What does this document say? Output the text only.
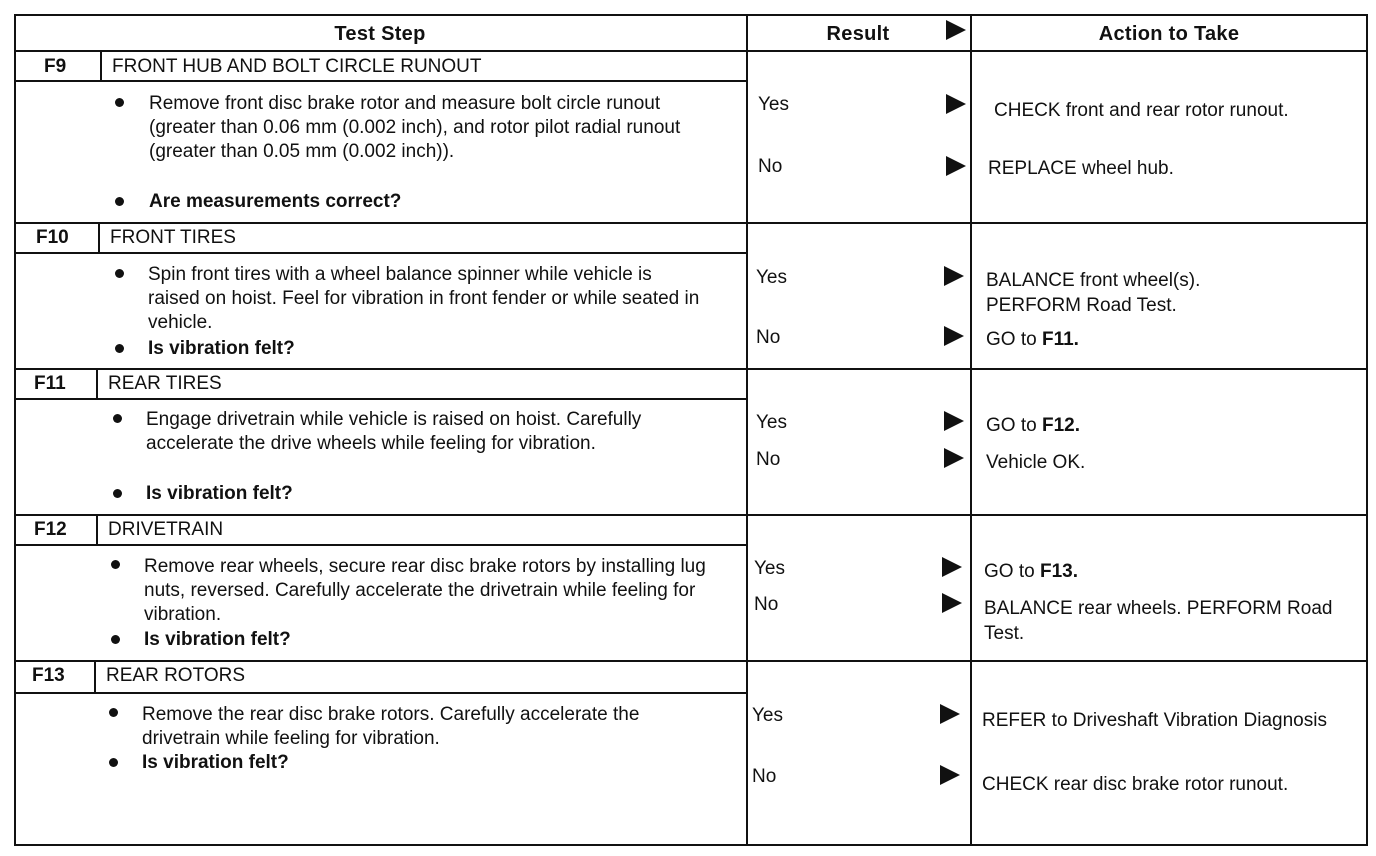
Test Step	Result	Action to Take
F9 FRONT HUB AND BOLT CIRCLE RUNOUT
Remove front disc brake rotor and measure bolt circle runout (greater than 0.06 mm (0.002 inch), and rotor pilot radial runout (greater than 0.05 mm (0.002 inch)).
Are measurements correct?
Yes	CHECK front and rear rotor runout.
No	REPLACE wheel hub.
F10 FRONT TIRES
Spin front tires with a wheel balance spinner while vehicle is raised on hoist. Feel for vibration in front fender or while seated in vehicle.
Is vibration felt?
Yes	BALANCE front wheel(s). PERFORM Road Test.
No	GO to F11.
F11 REAR TIRES
Engage drivetrain while vehicle is raised on hoist. Carefully accelerate the drive wheels while feeling for vibration.
Is vibration felt?
Yes	GO to F12.
No	Vehicle OK.
F12 DRIVETRAIN
Remove rear wheels, secure rear disc brake rotors by installing lug nuts, reversed. Carefully accelerate the drivetrain while feeling for vibration.
Is vibration felt?
Yes	GO to F13.
No	BALANCE rear wheels. PERFORM Road Test.
F13 REAR ROTORS
Remove the rear disc brake rotors. Carefully accelerate the drivetrain while feeling for vibration.
Is vibration felt?
Yes	REFER to Driveshaft Vibration Diagnosis
No	CHECK rear disc brake rotor runout.
